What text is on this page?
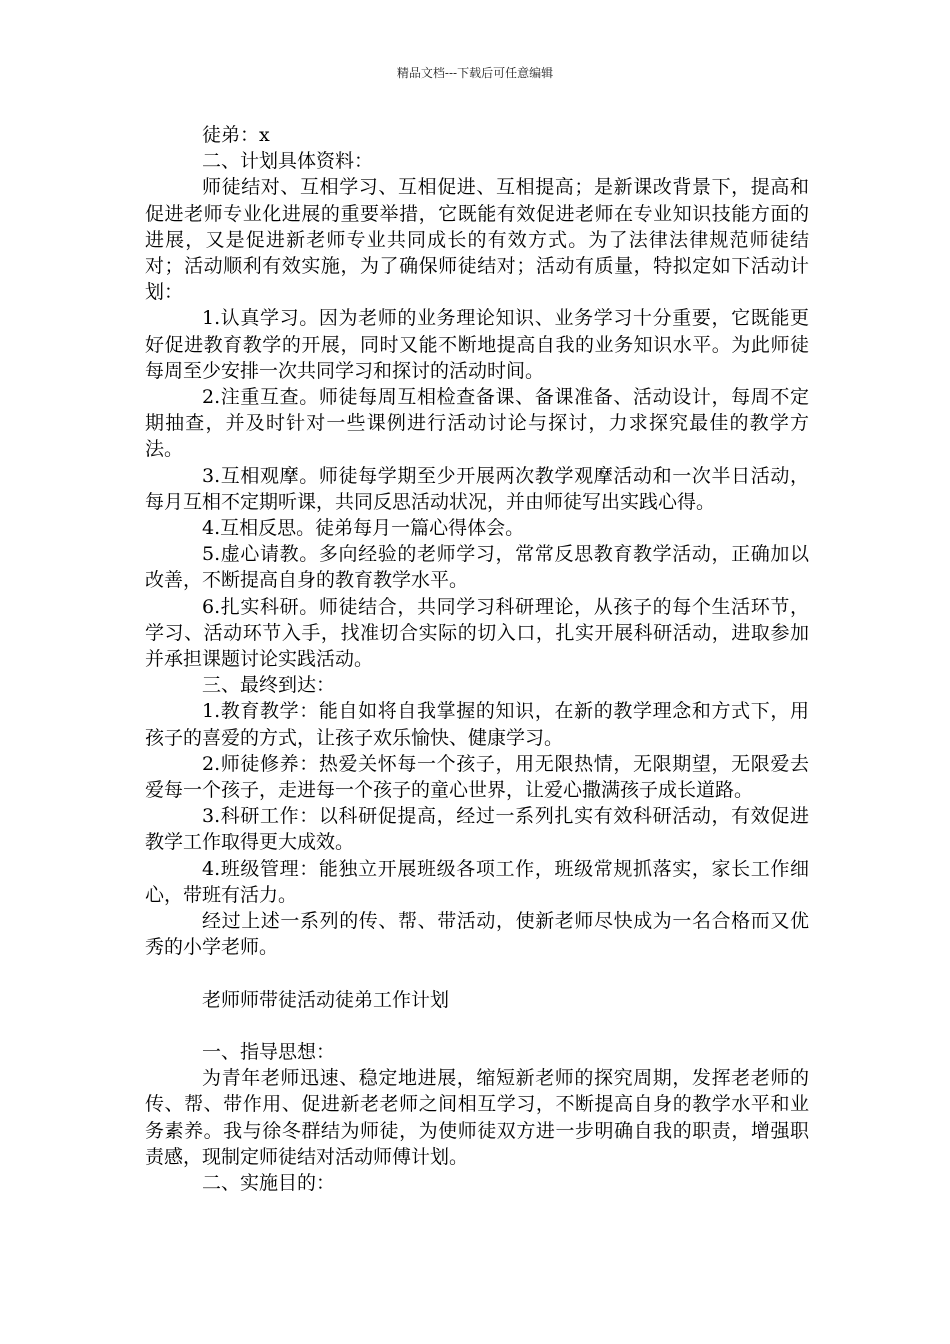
精品文档---下载后可任意编辑

徒弟：x

二、计划具体资料：

师徒结对、互相学习、互相促进、互相提高；是新课改背景下，提高和促进老师专业化进展的重要举措，它既能有效促进老师在专业知识技能方面的进展，又是促进新老师专业共同成长的有效方式。为了法律法律规范师徒结对；活动顺利有效实施，为了确保师徒结对；活动有质量，特拟定如下活动计划：

1.认真学习。因为老师的业务理论知识、业务学习十分重要，它既能更好促进教育教学的开展，同时又能不断地提高自我的业务知识水平。为此师徒每周至少安排一次共同学习和探讨的活动时间。

2.注重互查。师徒每周互相检查备课、备课准备、活动设计，每周不定期抽查，并及时针对一些课例进行活动讨论与探讨，力求探究最佳的教学方法。

3.互相观摩。师徒每学期至少开展两次教学观摩活动和一次半日活动，每月互相不定期听课，共同反思活动状况，并由师徒写出实践心得。

4.互相反思。徒弟每月一篇心得体会。

5.虚心请教。多向经验的老师学习，常常反思教育教学活动，正确加以改善，不断提高自身的教育教学水平。

6.扎实科研。师徒结合，共同学习科研理论，从孩子的每个生活环节，学习、活动环节入手，找准切合实际的切入口，扎实开展科研活动，进取参加并承担课题讨论实践活动。

三、最终到达：

1.教育教学：能自如将自我掌握的知识，在新的教学理念和方式下，用孩子的喜爱的方式，让孩子欢乐愉快、健康学习。

2.师徒修养：热爱关怀每一个孩子，用无限热情，无限期望，无限爱去爱每一个孩子，走进每一个孩子的童心世界，让爱心撒满孩子成长道路。

3.科研工作：以科研促提高，经过一系列扎实有效科研活动，有效促进教学工作取得更大成效。

4.班级管理：能独立开展班级各项工作，班级常规抓落实，家长工作细心，带班有活力。

经过上述一系列的传、帮、带活动，使新老师尽快成为一名合格而又优秀的小学老师。

老师师带徒活动徒弟工作计划

一、指导思想：

为青年老师迅速、稳定地进展，缩短新老师的探究周期，发挥老老师的传、帮、带作用、促进新老老师之间相互学习，不断提高自身的教学水平和业务素养。我与徐冬群结为师徒，为使师徒双方进一步明确自我的职责，增强职责感，现制定师徒结对活动师傅计划。

二、实施目的：
